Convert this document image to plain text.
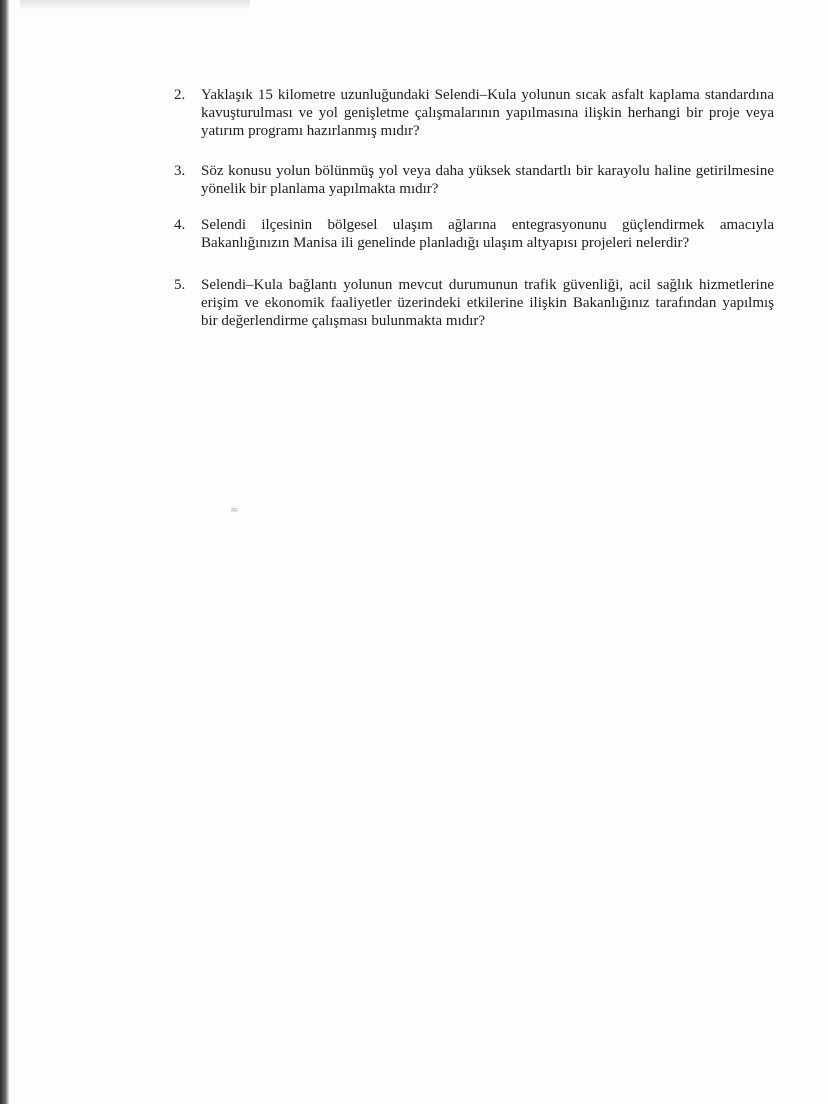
2.	Yaklaşık 15 kilometre uzunluğundaki Selendi–Kula yolunun sıcak asfalt kaplama standardına kavuşturulması ve yol genişletme çalışmalarının yapılmasına ilişkin herhangi bir proje veya yatırım programı hazırlanmış mıdır?
3.	Söz konusu yolun bölünmüş yol veya daha yüksek standartlı bir karayolu haline getirilmesine yönelik bir planlama yapılmakta mıdır?
4.	Selendi ilçesinin bölgesel ulaşım ağlarına entegrasyonunu güçlendirmek amacıyla Bakanlığınızın Manisa ili genelinde planladığı ulaşım altyapısı projeleri nelerdir?
5.	Selendi–Kula bağlantı yolunun mevcut durumunun trafik güvenliği, acil sağlık hizmetlerine erişim ve ekonomik faaliyetler üzerindeki etkilerine ilişkin Bakanlığınız tarafından yapılmış bir değerlendirme çalışması bulunmakta mıdır?
≈
